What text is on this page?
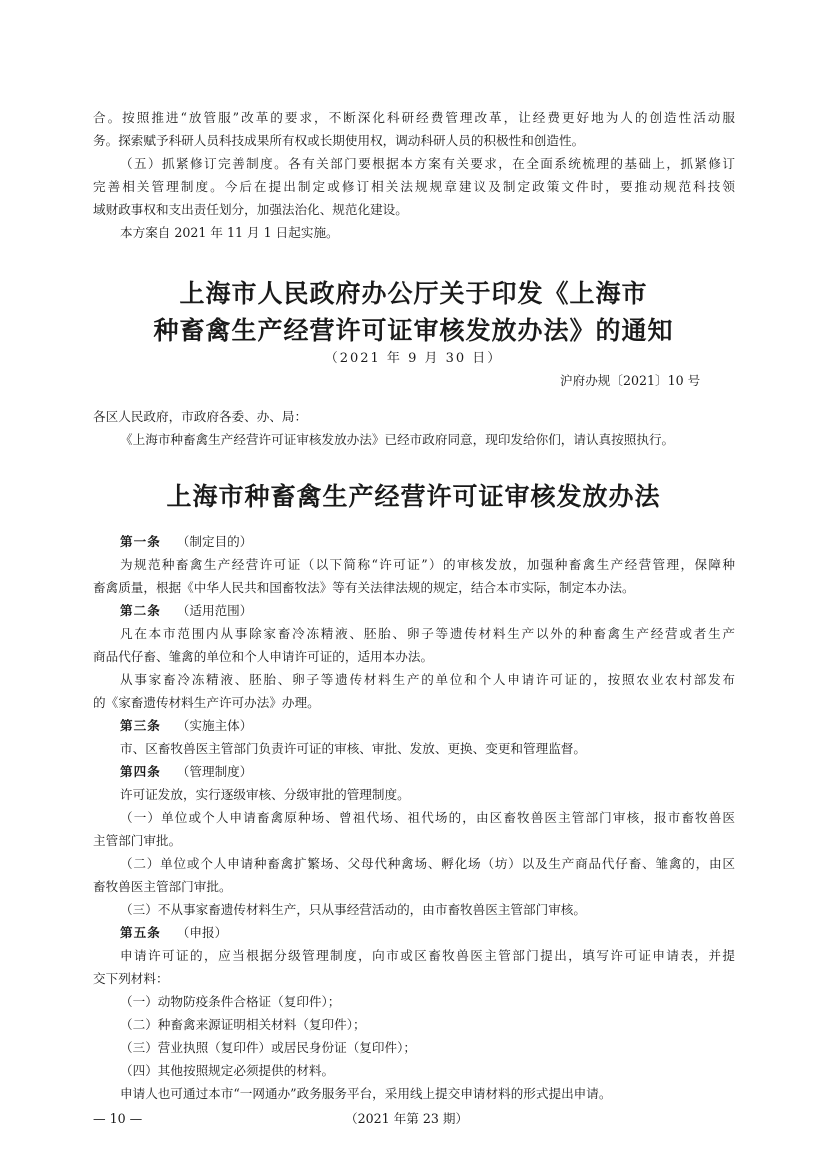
合。按照推进“放管服”改革的要求，不断深化科研经费管理改革，让经费更好地为人的创造性活动服
务。探索赋予科研人员科技成果所有权或长期使用权，调动科研人员的积极性和创造性。
（五）抓紧修订完善制度。各有关部门要根据本方案有关要求，在全面系统梳理的基础上，抓紧修订
完善相关管理制度。今后在提出制定或修订相关法规规章建议及制定政策文件时，要推动规范科技领
域财政事权和支出责任划分，加强法治化、规范化建设。
本方案自 2021 年 11 月 1 日起实施。
上海市人民政府办公厅关于印发《上海市
种畜禽生产经营许可证审核发放办法》的通知
（2021 年 9 月 30 日）
沪府办规〔2021〕10 号
各区人民政府，市政府各委、办、局：
《上海市种畜禽生产经营许可证审核发放办法》已经市政府同意，现印发给你们，请认真按照执行。
上海市种畜禽生产经营许可证审核发放办法
第一条 （制定目的）
为规范种畜禽生产经营许可证（以下简称“许可证”）的审核发放，加强种畜禽生产经营管理，保障种
畜禽质量，根据《中华人民共和国畜牧法》等有关法律法规的规定，结合本市实际，制定本办法。
第二条 （适用范围）
凡在本市范围内从事除家畜冷冻精液、胚胎、卵子等遗传材料生产以外的种畜禽生产经营或者生产
商品代仔畜、雏禽的单位和个人申请许可证的，适用本办法。
从事家畜冷冻精液、胚胎、卵子等遗传材料生产的单位和个人申请许可证的，按照农业农村部发布
的《家畜遗传材料生产许可办法》办理。
第三条 （实施主体）
市、区畜牧兽医主管部门负责许可证的审核、审批、发放、更换、变更和管理监督。
第四条 （管理制度）
许可证发放，实行逐级审核、分级审批的管理制度。
（一）单位或个人申请畜禽原种场、曾祖代场、祖代场的，由区畜牧兽医主管部门审核，报市畜牧兽医
主管部门审批。
（二）单位或个人申请种畜禽扩繁场、父母代种禽场、孵化场（坊）以及生产商品代仔畜、雏禽的，由区
畜牧兽医主管部门审批。
（三）不从事家畜遗传材料生产，只从事经营活动的，由市畜牧兽医主管部门审核。
第五条 （申报）
申请许可证的，应当根据分级管理制度，向市或区畜牧兽医主管部门提出，填写许可证申请表，并提
交下列材料：
（一）动物防疫条件合格证（复印件）；
（二）种畜禽来源证明相关材料（复印件）；
（三）营业执照（复印件）或居民身份证（复印件）；
（四）其他按照规定必须提供的材料。
申请人也可通过本市“一网通办”政务服务平台，采用线上提交申请材料的形式提出申请。
— 10 —	（2021 年第 23 期）
